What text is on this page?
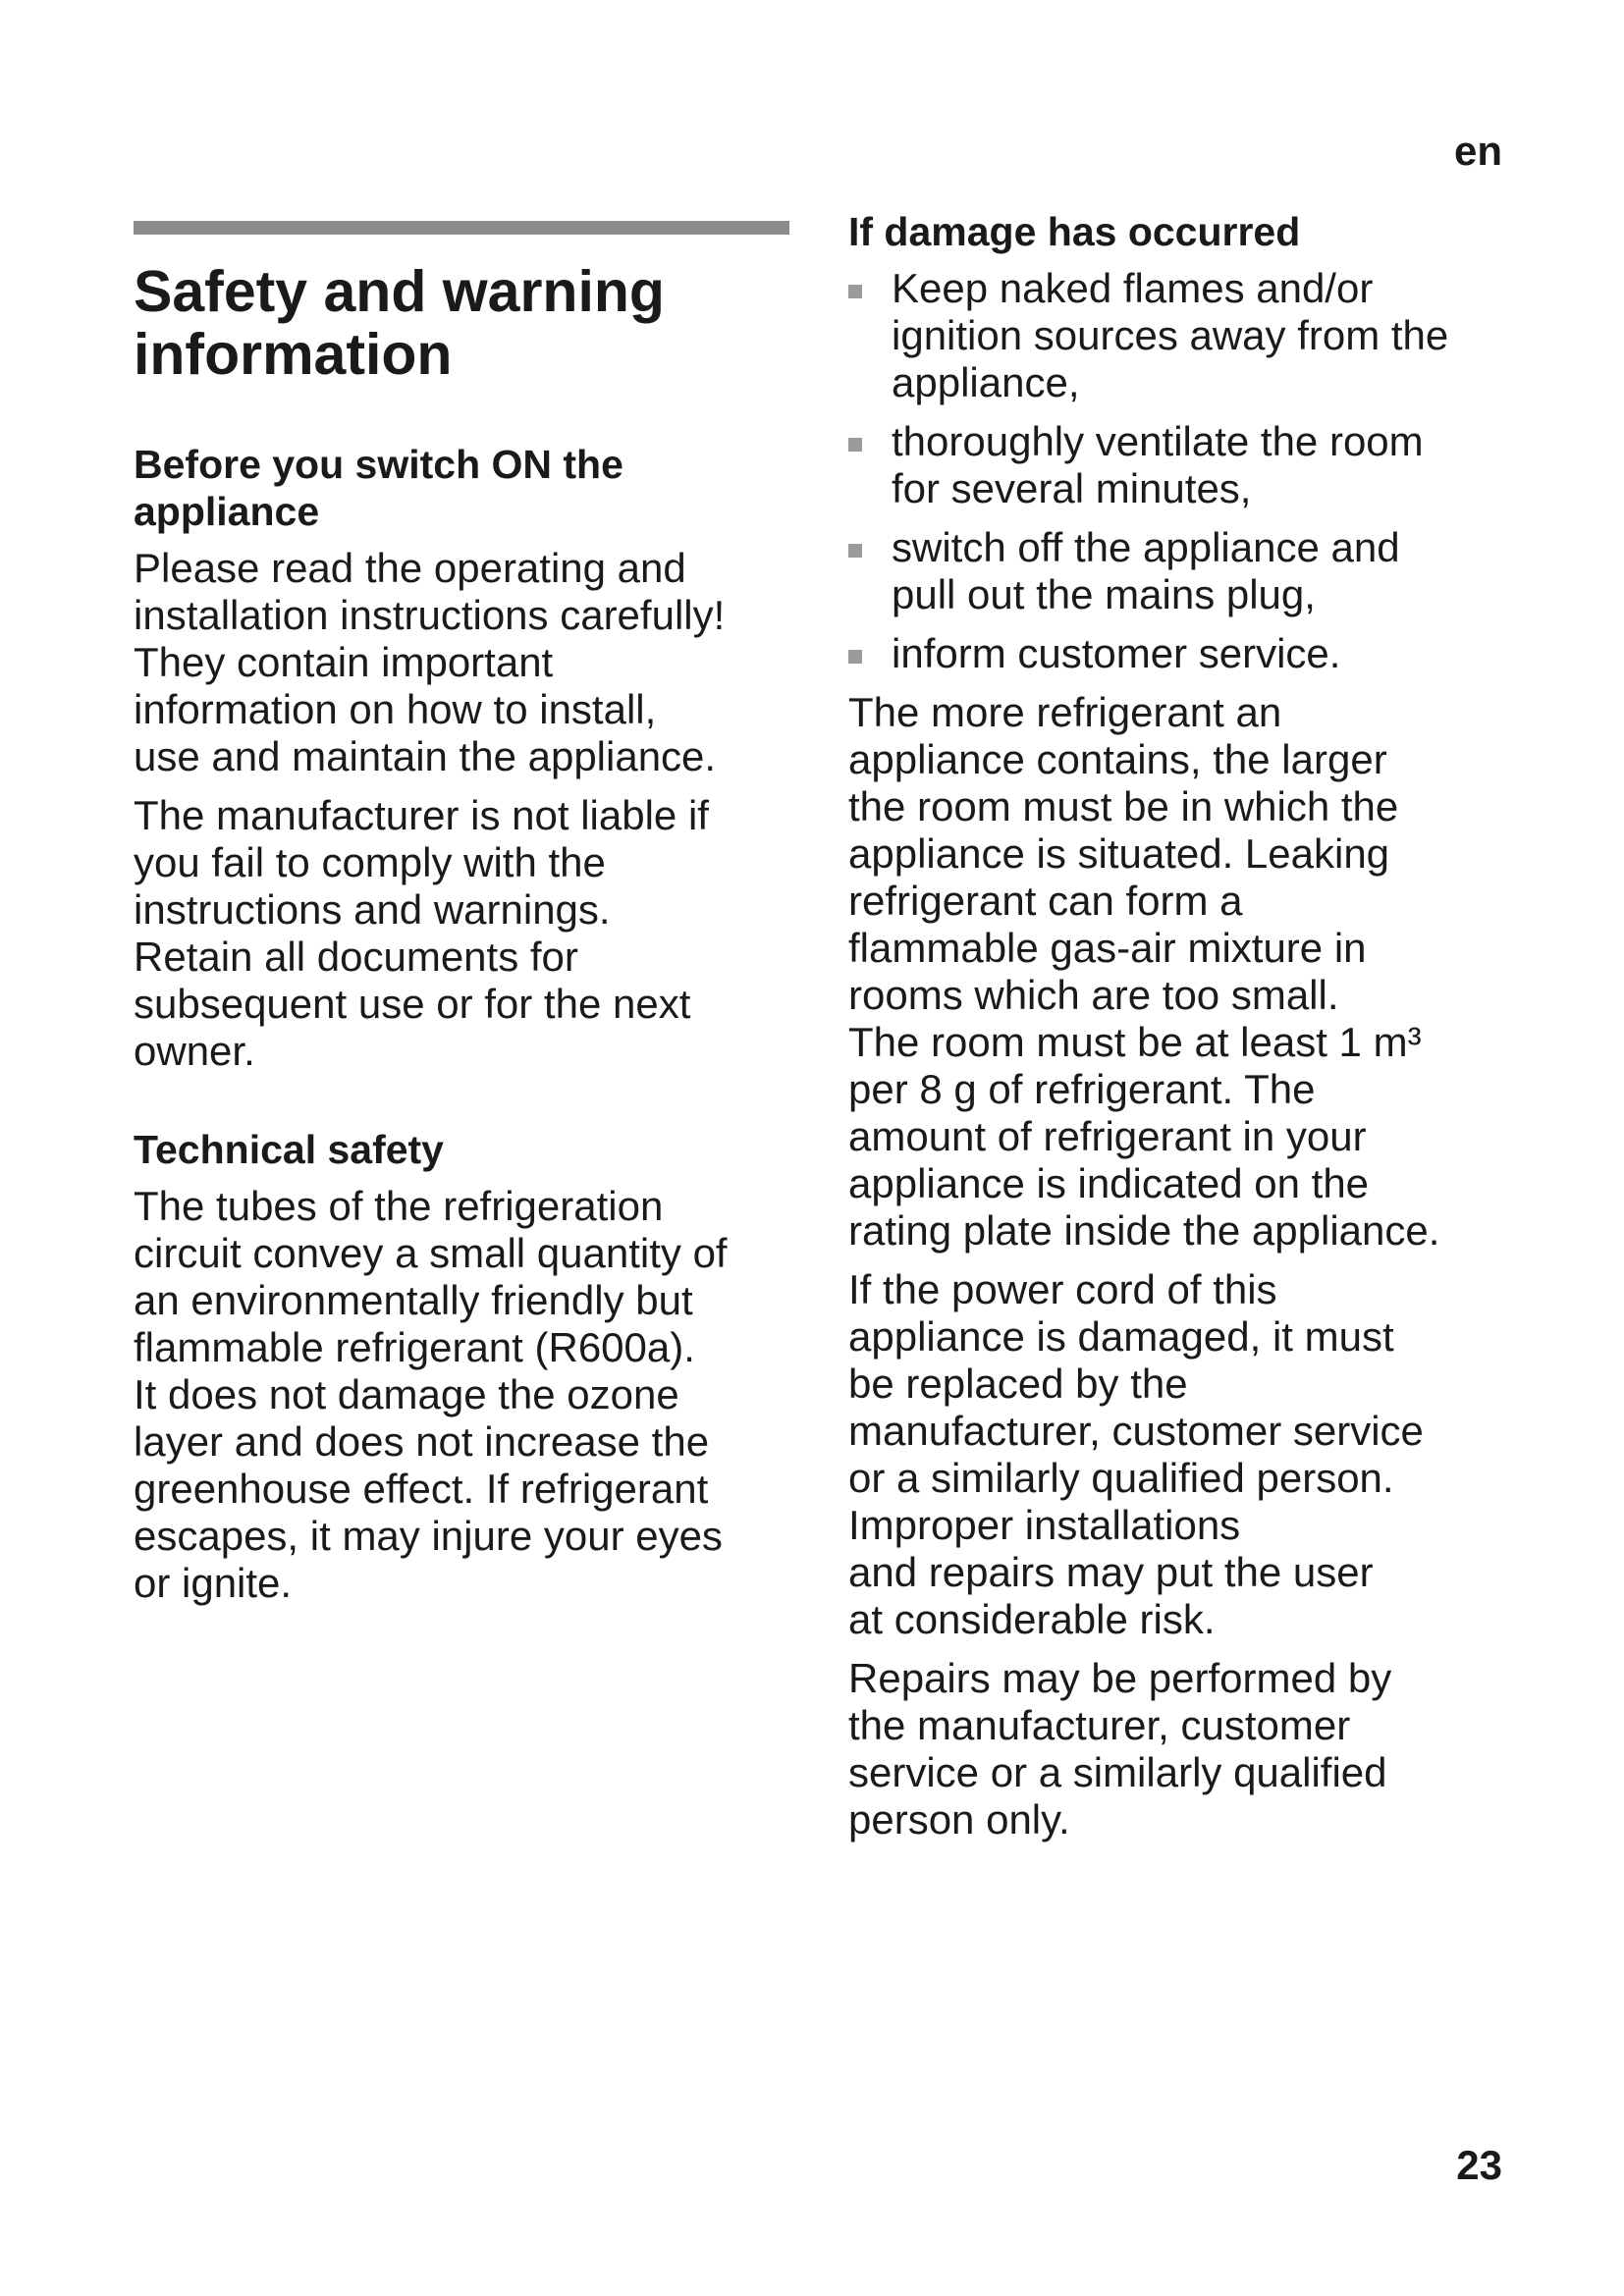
en
Safety and warning
information
Before you switch ON the
appliance

Please read the operating and
installation instructions carefully!
They contain important
information on how to install,
use and maintain the appliance.

The manufacturer is not liable if
you fail to comply with the
instructions and warnings.
Retain all documents for
subsequent use or for the next
owner.

Technical safety

The tubes of the refrigeration
circuit convey a small quantity of
an environmentally friendly but
flammable refrigerant (R600a).
It does not damage the ozone
layer and does not increase the
greenhouse effect. If refrigerant
escapes, it may injure your eyes
or ignite.

If damage has occurred
Keep naked flames and/or
ignition sources away from the
appliance,
thoroughly ventilate the room
for several minutes,
switch off the appliance and
pull out the mains plug,
inform customer service.

The more refrigerant an
appliance contains, the larger
the room must be in which the
appliance is situated. Leaking
refrigerant can form a
flammable gas-air mixture in
rooms which are too small.
The room must be at least 1 m³
per 8 g of refrigerant. The
amount of refrigerant in your
appliance is indicated on the
rating plate inside the appliance.

If the power cord of this
appliance is damaged, it must
be replaced by the
manufacturer, customer service
or a similarly qualified person.
Improper installations
and repairs may put the user
at considerable risk.

Repairs may be performed by
the manufacturer, customer
service or a similarly qualified
person only.

23
